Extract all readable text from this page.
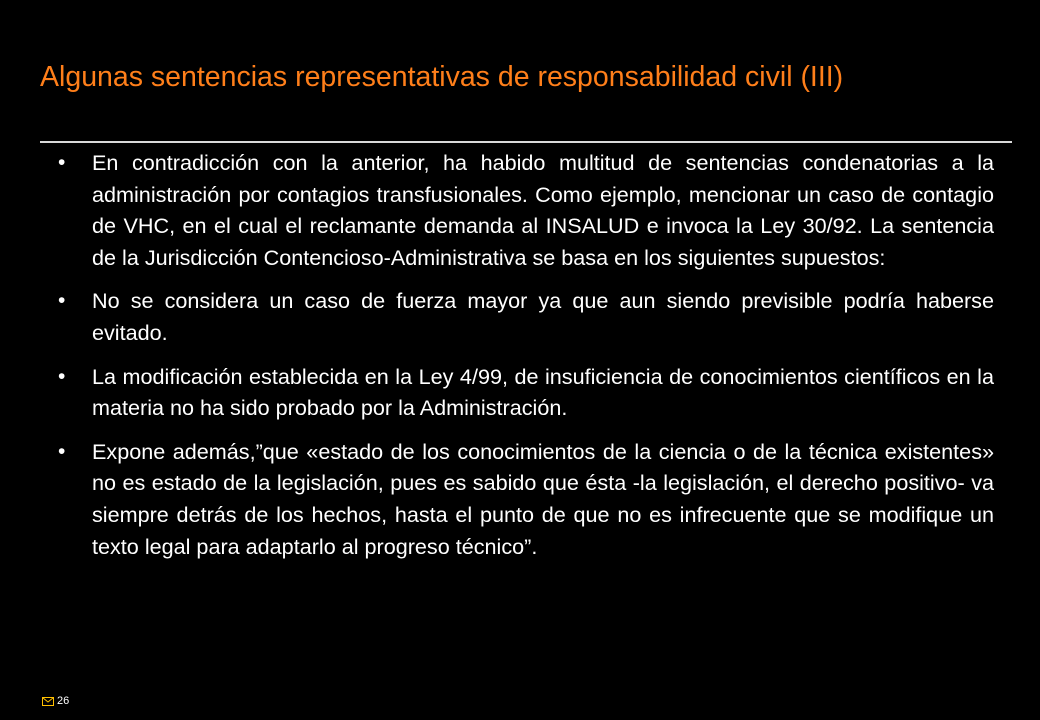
Algunas sentencias representativas de responsabilidad civil (III)
• En contradicción con la anterior, ha habido multitud de sentencias condenatorias a la administración por contagios transfusionales. Como ejemplo, mencionar un caso de contagio de VHC, en el cual el reclamante demanda al INSALUD e invoca la Ley 30/92. La sentencia de la Jurisdicción Contencioso-Administrativa se basa en los siguientes supuestos:
• No se considera un caso de fuerza mayor ya que aun siendo previsible podría haberse evitado.
• La modificación establecida en la Ley 4/99, de insuficiencia de conocimientos científicos en la materia no ha sido probado por la Administración.
• Expone además,”que «estado de los conocimientos de la ciencia o de la técnica existentes» no es estado de la legislación, pues es sabido que ésta -la legislación, el derecho positivo- va siempre detrás de los hechos, hasta el punto de que no es infrecuente que se modifique un texto legal para adaptarlo al progreso técnico”.
26
